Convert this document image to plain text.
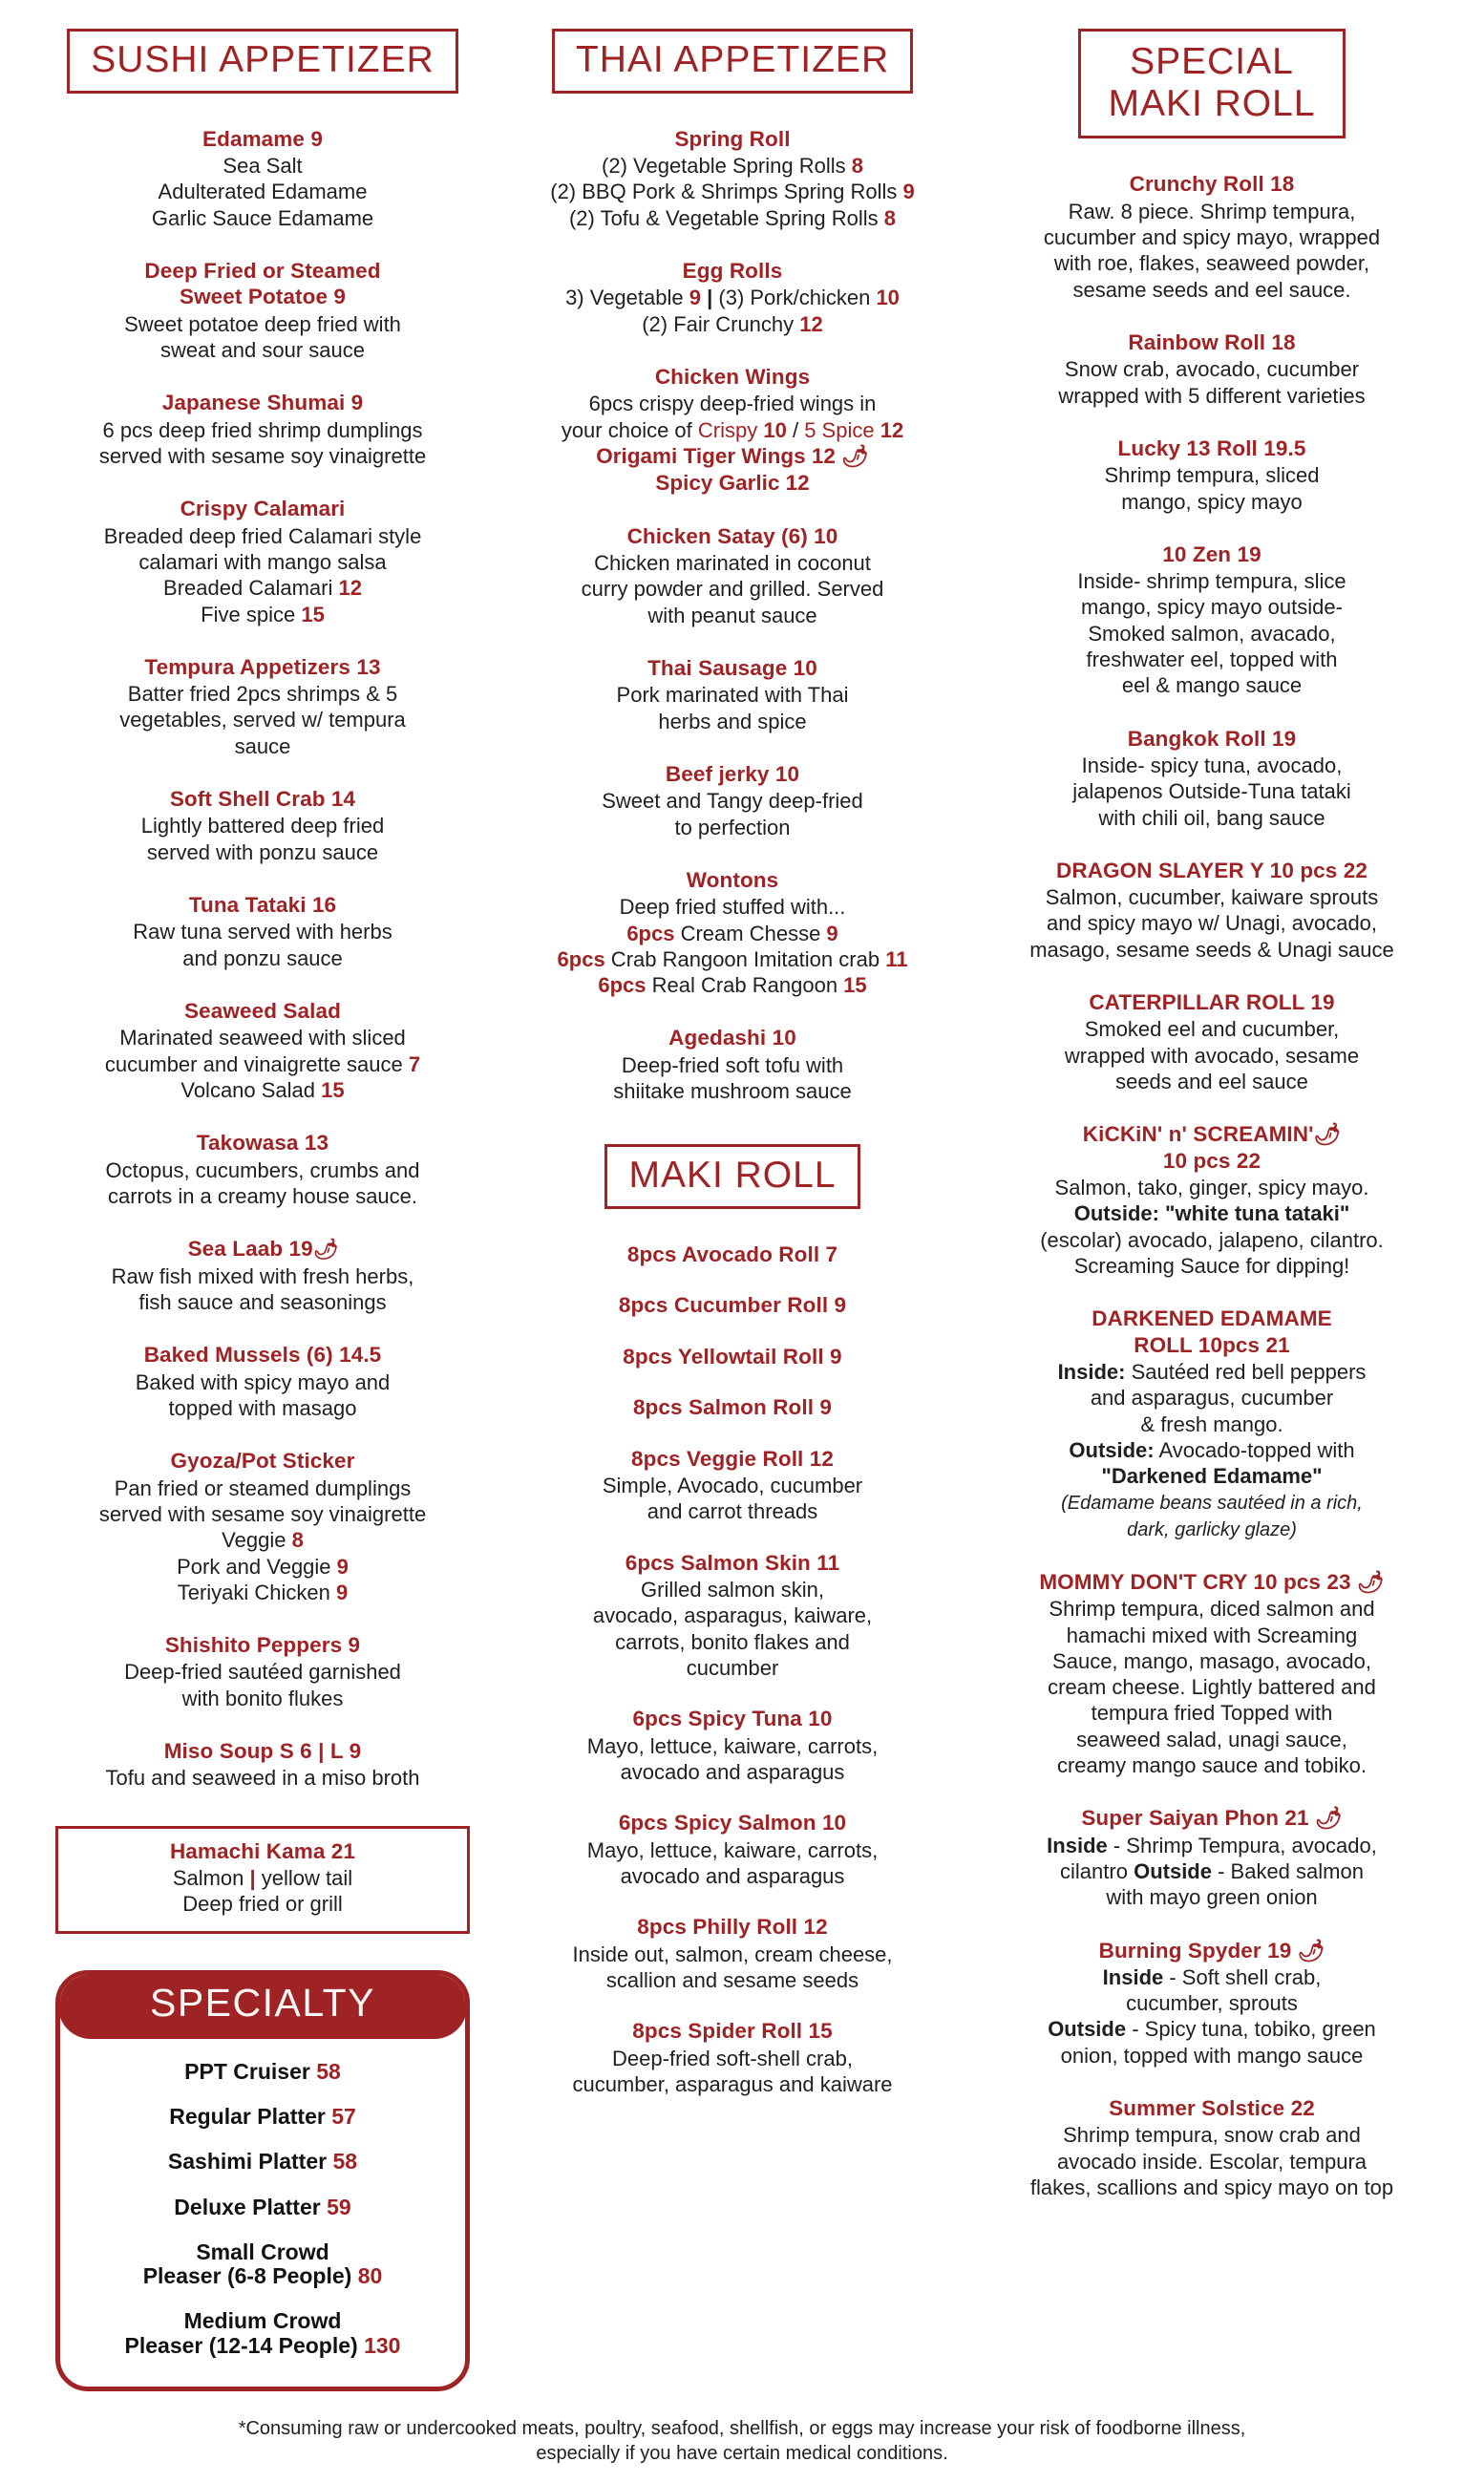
SUSHI APPETIZER
Edamame 9
Sea Salt
Adulterated Edamame
Garlic Sauce Edamame
Deep Fried or Steamed
Sweet Potatoe 9
Sweet potatoe deep fried with
sweat and sour sauce
Japanese Shumai 9
6 pcs deep fried shrimp dumplings
served with sesame soy vinaigrette
Crispy Calamari
Breaded deep fried Calamari style
calamari with mango salsa
Breaded Calamari 12
Five spice 15
Tempura Appetizers 13
Batter fried 2pcs shrimps & 5
vegetables, served w/ tempura
sauce
Soft Shell Crab 14
Lightly battered deep fried
served with ponzu sauce
Tuna Tataki 16
Raw tuna served with herbs
and ponzu sauce
Seaweed Salad
Marinated seaweed with sliced
cucumber and vinaigrette sauce 7
Volcano Salad 15
Takowasa 13
Octopus, cucumbers, crumbs and
carrots in a creamy house sauce.
Sea Laab 19🌶
Raw fish mixed with fresh herbs,
fish sauce and seasonings
Baked Mussels (6) 14.5
Baked with spicy mayo and
topped with masago
Gyoza/Pot Sticker
Pan fried or steamed dumplings
served with sesame soy vinaigrette
Veggie 8
Pork and Veggie 9
Teriyaki Chicken 9
Shishito Peppers 9
Deep-fried sautéed garnished
with bonito flukes
Miso Soup S 6 | L 9
Tofu and seaweed in a miso broth
Hamachi Kama 21
Salmon | yellow tail
Deep fried or grill
SPECIALTY
PPT Cruiser 58
Regular Platter 57
Sashimi Platter 58
Deluxe Platter 59
Small Crowd
Pleaser (6-8 People) 80
Medium Crowd
Pleaser (12-14 People) 130
THAI APPETIZER
Spring Roll
(2) Vegetable Spring Rolls 8
(2) BBQ Pork & Shrimps Spring Rolls 9
(2) Tofu & Vegetable Spring Rolls 8
Egg Rolls
3) Vegetable 9 | (3) Pork/chicken 10
(2) Fair Crunchy 12
Chicken Wings
6pcs crispy deep-fried wings in
your choice of Crispy 10 / 5 Spice 12
Origami Tiger Wings 12 🌶
Spicy Garlic 12
Chicken Satay (6) 10
Chicken marinated in coconut
curry powder and grilled. Served
with peanut sauce
Thai Sausage 10
Pork marinated with Thai
herbs and spice
Beef jerky 10
Sweet and Tangy deep-fried
to perfection
Wontons
Deep fried stuffed with...
6pcs Cream Chesse 9
6pcs Crab Rangoon Imitation crab 11
6pcs Real Crab Rangoon 15
Agedashi 10
Deep-fried soft tofu with
shiitake mushroom sauce
MAKI ROLL
8pcs Avocado Roll 7
8pcs Cucumber Roll 9
8pcs Yellowtail Roll 9
8pcs Salmon Roll 9
8pcs Veggie Roll 12
Simple, Avocado, cucumber
and carrot threads
6pcs Salmon Skin 11
Grilled salmon skin,
avocado, asparagus, kaiware,
carrots, bonito flakes and
cucumber
6pcs Spicy Tuna 10
Mayo, lettuce, kaiware, carrots,
avocado and asparagus
6pcs Spicy Salmon 10
Mayo, lettuce, kaiware, carrots,
avocado and asparagus
8pcs Philly Roll 12
Inside out, salmon, cream cheese,
scallion and sesame seeds
8pcs Spider Roll 15
Deep-fried soft-shell crab,
cucumber, asparagus and kaiware
SPECIAL
MAKI ROLL
Crunchy Roll 18
Raw. 8 piece. Shrimp tempura,
cucumber and spicy mayo, wrapped
with roe, flakes, seaweed powder,
sesame seeds and eel sauce.
Rainbow Roll 18
Snow crab, avocado, cucumber
wrapped with 5 different varieties
Lucky 13 Roll 19.5
Shrimp tempura, sliced
mango, spicy mayo
10 Zen 19
Inside- shrimp tempura, slice
mango, spicy mayo outside-
Smoked salmon, avacado,
freshwater eel, topped with
eel & mango sauce
Bangkok Roll 19
Inside- spicy tuna, avocado,
jalapenos Outside-Tuna tataki
with chili oil, bang sauce
DRAGON SLAYER Y 10 pcs 22
Salmon, cucumber, kaiware sprouts
and spicy mayo w/ Unagi, avocado,
masago, sesame seeds & Unagi sauce
CATERPILLAR ROLL 19
Smoked eel and cucumber,
wrapped with avocado, sesame
seeds and eel sauce
KiCKiN' n' SCREAMIN'🌶
10 pcs 22
Salmon, tako, ginger, spicy mayo.
Outside: "white tuna tataki"
(escolar) avocado, jalapeno, cilantro.
Screaming Sauce for dipping!
DARKENED EDAMAME
ROLL 10pcs 21
Inside: Sautéed red bell peppers
and asparagus, cucumber
& fresh mango.
Outside: Avocado-topped with
"Darkened Edamame"
(Edamame beans sautéed in a rich,
dark, garlicky glaze)
MOMMY DON'T CRY 10 pcs 23 🌶
Shrimp tempura, diced salmon and
hamachi mixed with Screaming
Sauce, mango, masago, avocado,
cream cheese. Lightly battered and
tempura fried Topped with
seaweed salad, unagi sauce,
creamy mango sauce and tobiko.
Super Saiyan Phon 21 🌶
Inside - Shrimp Tempura, avocado,
cilantro Outside - Baked salmon
with mayo green onion
Burning Spyder 19 🌶
Inside - Soft shell crab,
cucumber, sprouts
Outside - Spicy tuna, tobiko, green
onion, topped with mango sauce
Summer Solstice 22
Shrimp tempura, snow crab and
avocado inside. Escolar, tempura
flakes, scallions and spicy mayo on top
*Consuming raw or undercooked meats, poultry, seafood, shellfish, or eggs may increase your risk of foodborne illness, especially if you have certain medical conditions.
